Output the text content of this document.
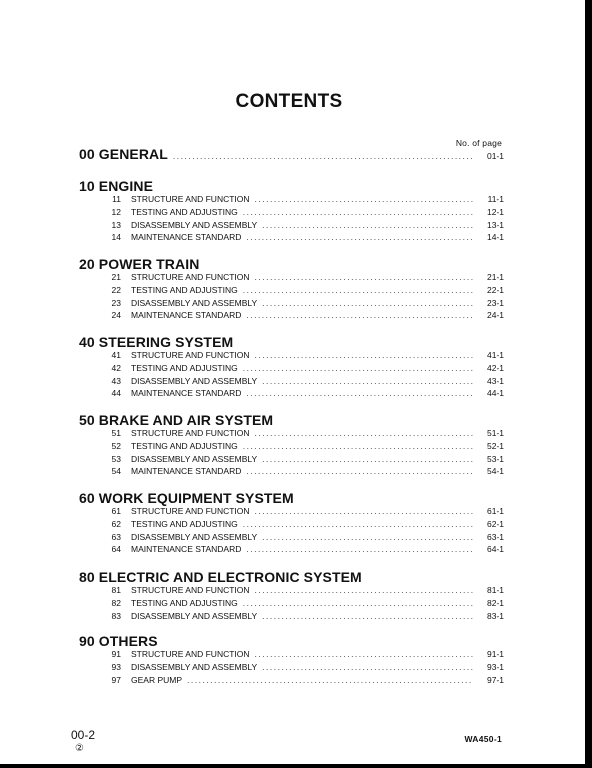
CONTENTS
No. of page
00 GENERAL .....	01-1
10 ENGINE
11 STRUCTURE AND FUNCTION .....	11-1
12 TESTING AND ADJUSTING .....	12-1
13 DISASSEMBLY AND ASSEMBLY .....	13-1
14 MAINTENANCE STANDARD .....	14-1
20 POWER TRAIN
21 STRUCTURE AND FUNCTION .....	21-1
22 TESTING AND ADJUSTING .....	22-1
23 DISASSEMBLY AND ASSEMBLY .....	23-1
24 MAINTENANCE STANDARD .....	24-1
40 STEERING SYSTEM
41 STRUCTURE AND FUNCTION .....	41-1
42 TESTING AND ADJUSTING .....	42-1
43 DISASSEMBLY AND ASSEMBLY .....	43-1
44 MAINTENANCE STANDARD .....	44-1
50 BRAKE AND AIR SYSTEM
51 STRUCTURE AND FUNCTION .....	51-1
52 TESTING AND ADJUSTING .....	52-1
53 DISASSEMBLY AND ASSEMBLY .....	53-1
54 MAINTENANCE STANDARD .....	54-1
60 WORK EQUIPMENT SYSTEM
61 STRUCTURE AND FUNCTION .....	61-1
62 TESTING AND ADJUSTING .....	62-1
63 DISASSEMBLY AND ASSEMBLY .....	63-1
64 MAINTENANCE STANDARD .....	64-1
80 ELECTRIC AND ELECTRONIC SYSTEM
81 STRUCTURE AND FUNCTION .....	81-1
82 TESTING AND ADJUSTING .....	82-1
83 DISASSEMBLY AND ASSEMBLY .....	83-1
90 OTHERS
91 STRUCTURE AND FUNCTION .....	91-1
93 DISASSEMBLY AND ASSEMBLY .....	93-1
97 GEAR PUMP .....	97-1
00-2
②
WA450-1
